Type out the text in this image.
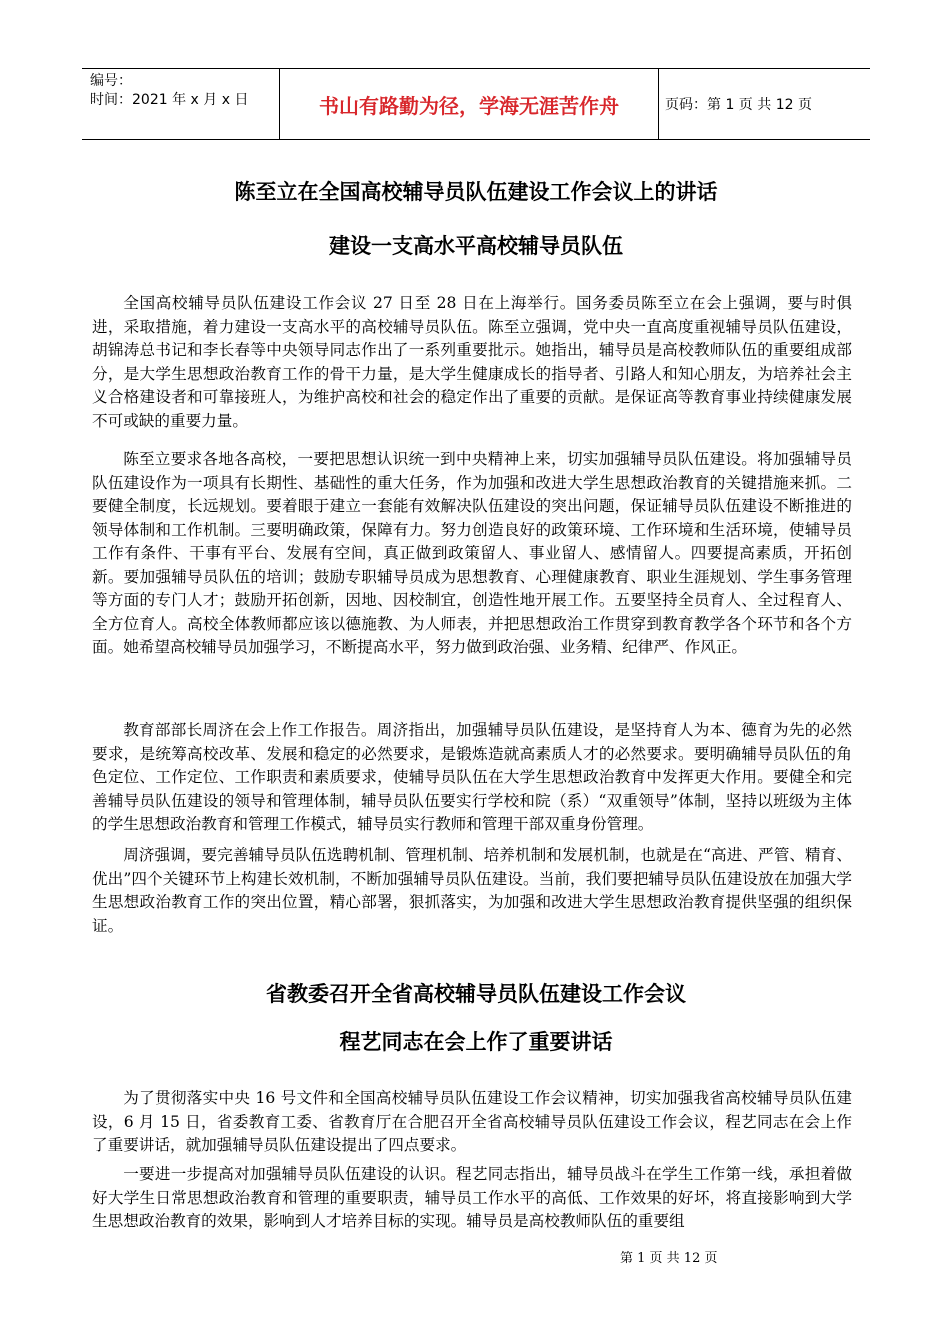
编号：
时间：2021 年 x 月 x 日	书山有路勤为径，学海无涯苦作舟	页码：第 1 页 共 12 页
陈至立在全国高校辅导员队伍建设工作会议上的讲话
建设一支高水平高校辅导员队伍

全国高校辅导员队伍建设工作会议 27 日至 28 日在上海举行。国务委员陈至立在会上强调，要与时俱进，采取措施，着力建设一支高水平的高校辅导员队伍。陈至立强调，党中央一直高度重视辅导员队伍建设，胡锦涛总书记和李长春等中央领导同志作出了一系列重要批示。她指出，辅导员是高校教师队伍的重要组成部分，是大学生思想政治教育工作的骨干力量，是大学生健康成长的指导者、引路人和知心朋友，为培养社会主义合格建设者和可靠接班人，为维护高校和社会的稳定作出了重要的贡献。是保证高等教育事业持续健康发展不可或缺的重要力量。

陈至立要求各地各高校，一要把思想认识统一到中央精神上来，切实加强辅导员队伍建设。将加强辅导员队伍建设作为一项具有长期性、基础性的重大任务，作为加强和改进大学生思想政治教育的关键措施来抓。二要健全制度，长远规划。要着眼于建立一套能有效解决队伍建设的突出问题，保证辅导员队伍建设不断推进的领导体制和工作机制。三要明确政策，保障有力。努力创造良好的政策环境、工作环境和生活环境，使辅导员工作有条件、干事有平台、发展有空间，真正做到政策留人、事业留人、感情留人。四要提高素质，开拓创新。要加强辅导员队伍的培训；鼓励专职辅导员成为思想教育、心理健康教育、职业生涯规划、学生事务管理等方面的专门人才；鼓励开拓创新，因地、因校制宜，创造性地开展工作。五要坚持全员育人、全过程育人、全方位育人。高校全体教师都应该以德施教、为人师表，并把思想政治工作贯穿到教育教学各个环节和各个方面。她希望高校辅导员加强学习，不断提高水平，努力做到政治强、业务精、纪律严、作风正。

教育部部长周济在会上作工作报告。周济指出，加强辅导员队伍建设，是坚持育人为本、德育为先的必然要求，是统筹高校改革、发展和稳定的必然要求，是锻炼造就高素质人才的必然要求。要明确辅导员队伍的角色定位、工作定位、工作职责和素质要求，使辅导员队伍在大学生思想政治教育中发挥更大作用。要健全和完善辅导员队伍建设的领导和管理体制，辅导员队伍要实行学校和院（系）“双重领导”体制，坚持以班级为主体的学生思想政治教育和管理工作模式，辅导员实行教师和管理干部双重身份管理。

周济强调，要完善辅导员队伍选聘机制、管理机制、培养机制和发展机制，也就是在“高进、严管、精育、优出”四个关键环节上构建长效机制，不断加强辅导员队伍建设。当前，我们要把辅导员队伍建设放在加强大学生思想政治教育工作的突出位置，精心部署，狠抓落实，为加强和改进大学生思想政治教育提供坚强的组织保证。

省教委召开全省高校辅导员队伍建设工作会议
程艺同志在会上作了重要讲话

为了贯彻落实中央 16 号文件和全国高校辅导员队伍建设工作会议精神，切实加强我省高校辅导员队伍建设，6 月 15 日，省委教育工委、省教育厅在合肥召开全省高校辅导员队伍建设工作会议，程艺同志在会上作了重要讲话，就加强辅导员队伍建设提出了四点要求。

一要进一步提高对加强辅导员队伍建设的认识。程艺同志指出，辅导员战斗在学生工作第一线，承担着做好大学生日常思想政治教育和管理的重要职责，辅导员工作水平的高低、工作效果的好坏，将直接影响到大学生思想政治教育的效果，影响到人才培养目标的实现。辅导员是高校教师队伍的重要组

第 1 页 共 12 页
